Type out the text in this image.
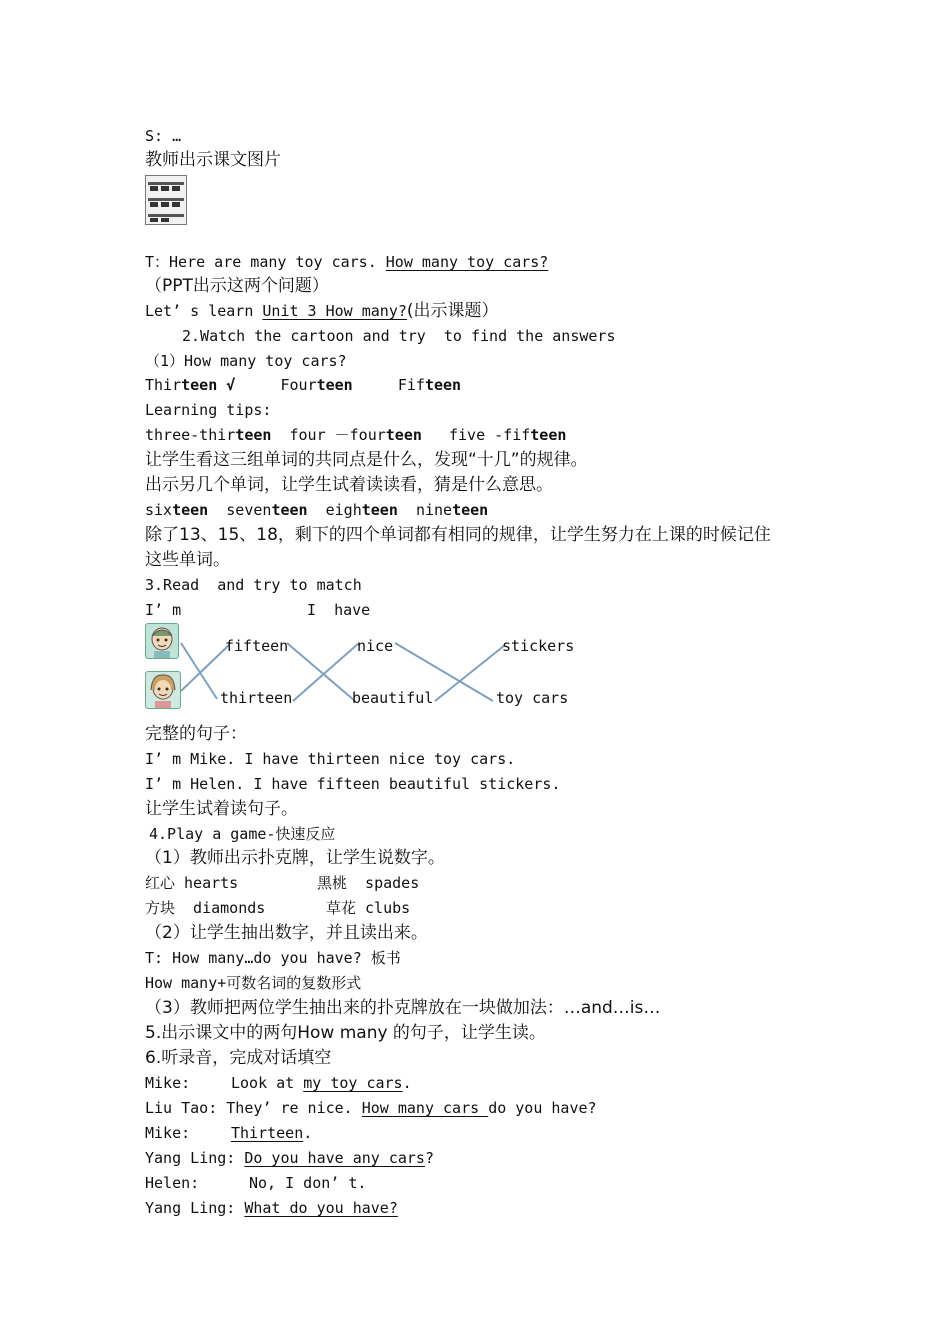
S: …
教师出示课文图片
T：Here are many toy cars. How many toy cars?
（PPT出示这两个问题）
Let’ s learn Unit 3 How many?(出示课题）
2.Watch the cartoon and try  to find the answers
（1）How many toy cars?
Thirteen √	Fourteen	Fifteen
Learning tips:
three-thirteen four －fourteen five -fifteen
让学生看这三组单词的共同点是什么，发现“十几”的规律。
出示另几个单词，让学生试着读读看，猜是什么意思。
sixteen seventeen eighteen nineteen
除了13、15、18，剩下的四个单词都有相同的规律，让学生努力在上课的时候记住
这些单词。
3.Read  and try to match
I’ m	I  have
fifteen	nice	stickers
thirteen	beautiful	toy cars
完整的句子：
I’ m Mike. I have thirteen nice toy cars.
I’ m Helen. I have fifteen beautiful stickers.
让学生试着读句子。
4.Play a game-快速反应
（1）教师出示扑克牌，让学生说数字。
红心 hearts	黑桃  spades
方块  diamonds	草花 clubs
（2）让学生抽出数字，并且读出来。
T: How many…do you have? 板书
How many+可数名词的复数形式
（3）教师把两位学生抽出来的扑克牌放在一块做加法：…and…is…
5.出示课文中的两句How many 的句子，让学生读。
6.听录音，完成对话填空
Mike:	Look at my toy cars.
Liu Tao: They’ re nice. How many cars do you have?
Mike:	Thirteen.
Yang Ling: Do you have any cars?
Helen:	No, I don’ t.
Yang Ling: What do you have?
